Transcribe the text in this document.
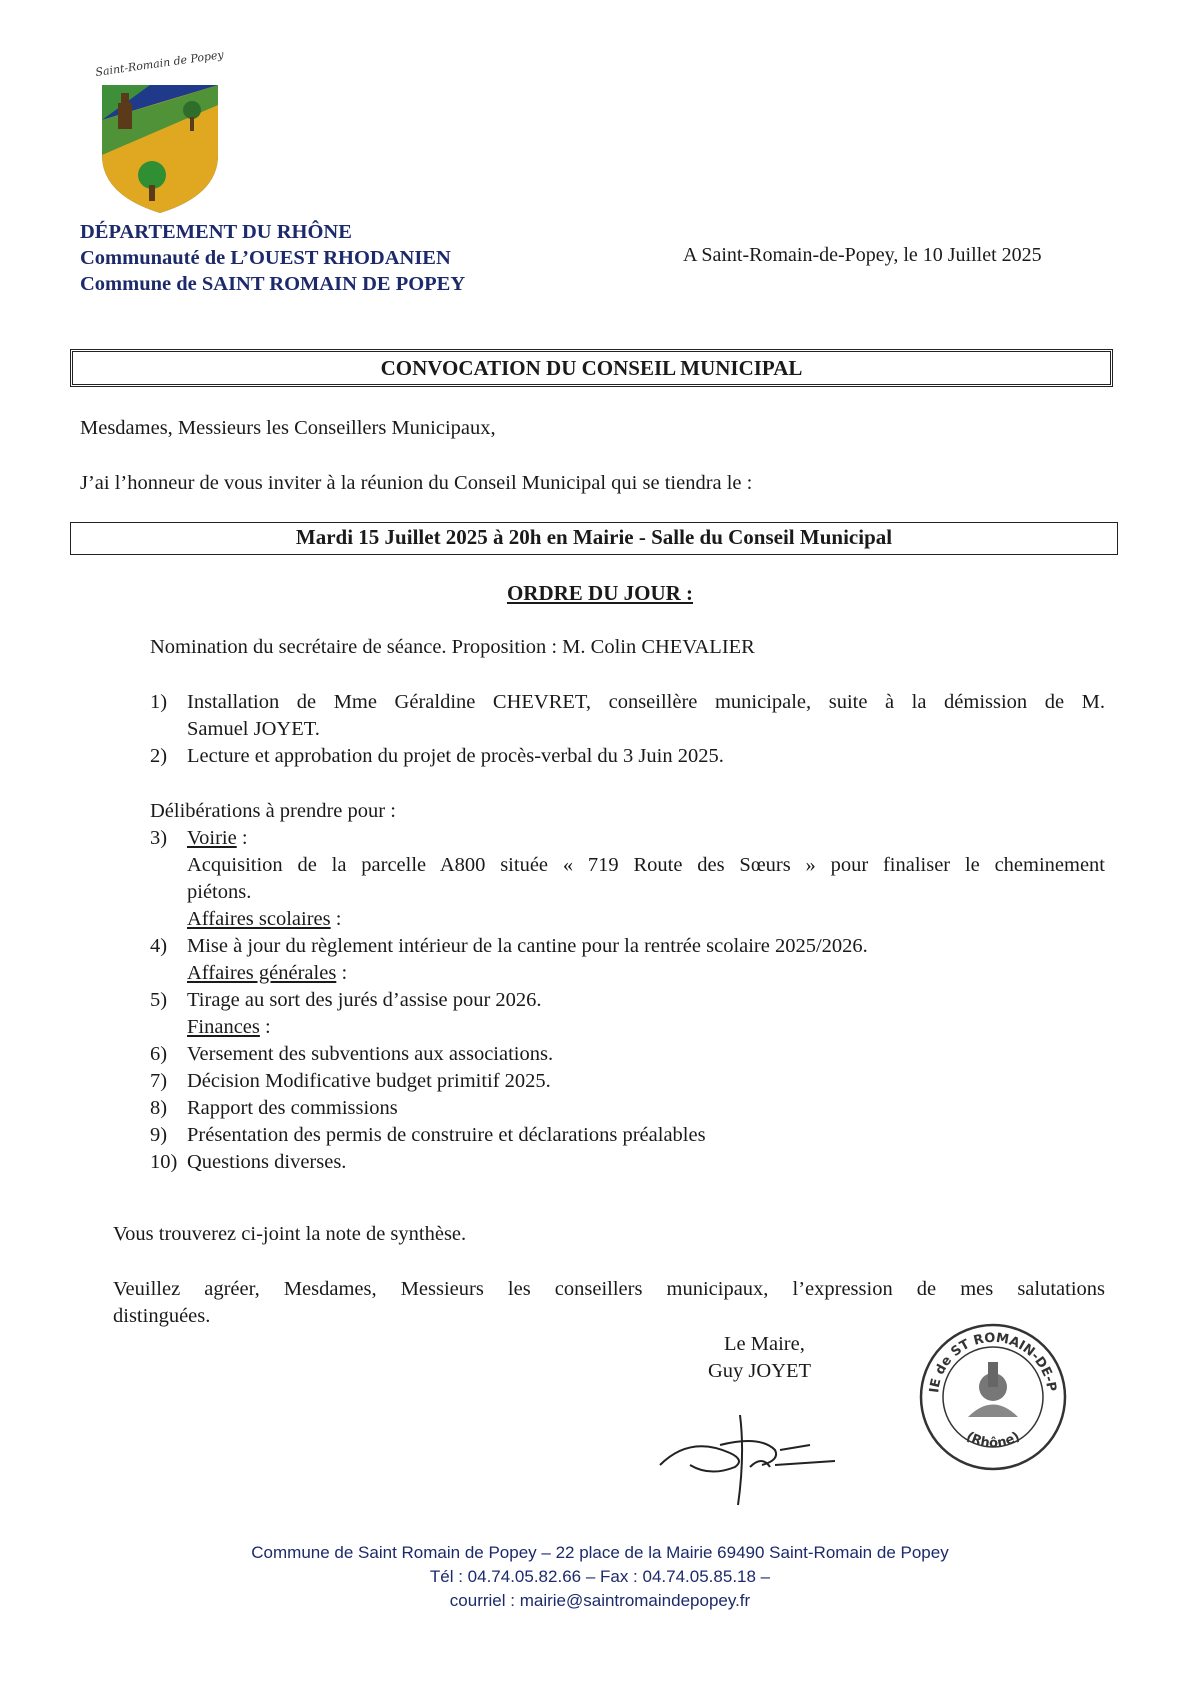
Saint-Romain de Popey
DÉPARTEMENT DU RHÔNE
Communauté de L’OUEST RHODANIEN
Commune de SAINT ROMAIN DE POPEY
A Saint-Romain-de-Popey, le 10 Juillet 2025
CONVOCATION DU CONSEIL MUNICIPAL
Mesdames, Messieurs les Conseillers Municipaux,
J’ai l’honneur de vous inviter à la réunion du Conseil Municipal qui se tiendra le :
Mardi 15 Juillet 2025 à 20h en Mairie - Salle du Conseil Municipal
ORDRE DU JOUR :
Nomination du secrétaire de séance. Proposition : M. Colin CHEVALIER
1) Installation de Mme Géraldine CHEVRET, conseillère municipale, suite à la démission de M.
Samuel JOYET.
2) Lecture et approbation du projet de procès-verbal du 3 Juin 2025.
Délibérations à prendre pour :
3) Voirie :
Acquisition de la parcelle A800 située « 719 Route des Sœurs » pour finaliser le cheminement
piétons.
Affaires scolaires :
4) Mise à jour du règlement intérieur de la cantine pour la rentrée scolaire 2025/2026.
Affaires générales :
5) Tirage au sort des jurés d’assise pour 2026.
Finances :
6) Versement des subventions aux associations.
7) Décision Modificative budget primitif 2025.
8) Rapport des commissions
9) Présentation des permis de construire et déclarations préalables
10) Questions diverses.
Vous trouverez ci-joint la note de synthèse.
Veuillez agréer, Mesdames, Messieurs les conseillers municipaux, l’expression de mes salutations
distinguées.
Le Maire,
Guy JOYET
IE de ST ROMAIN-DE-P
(Rhône)
Commune de Saint Romain de Popey – 22 place de la Mairie 69490 Saint-Romain de Popey
Tél : 04.74.05.82.66 – Fax : 04.74.05.85.18 –
courriel : mairie@saintromaindepopey.fr
